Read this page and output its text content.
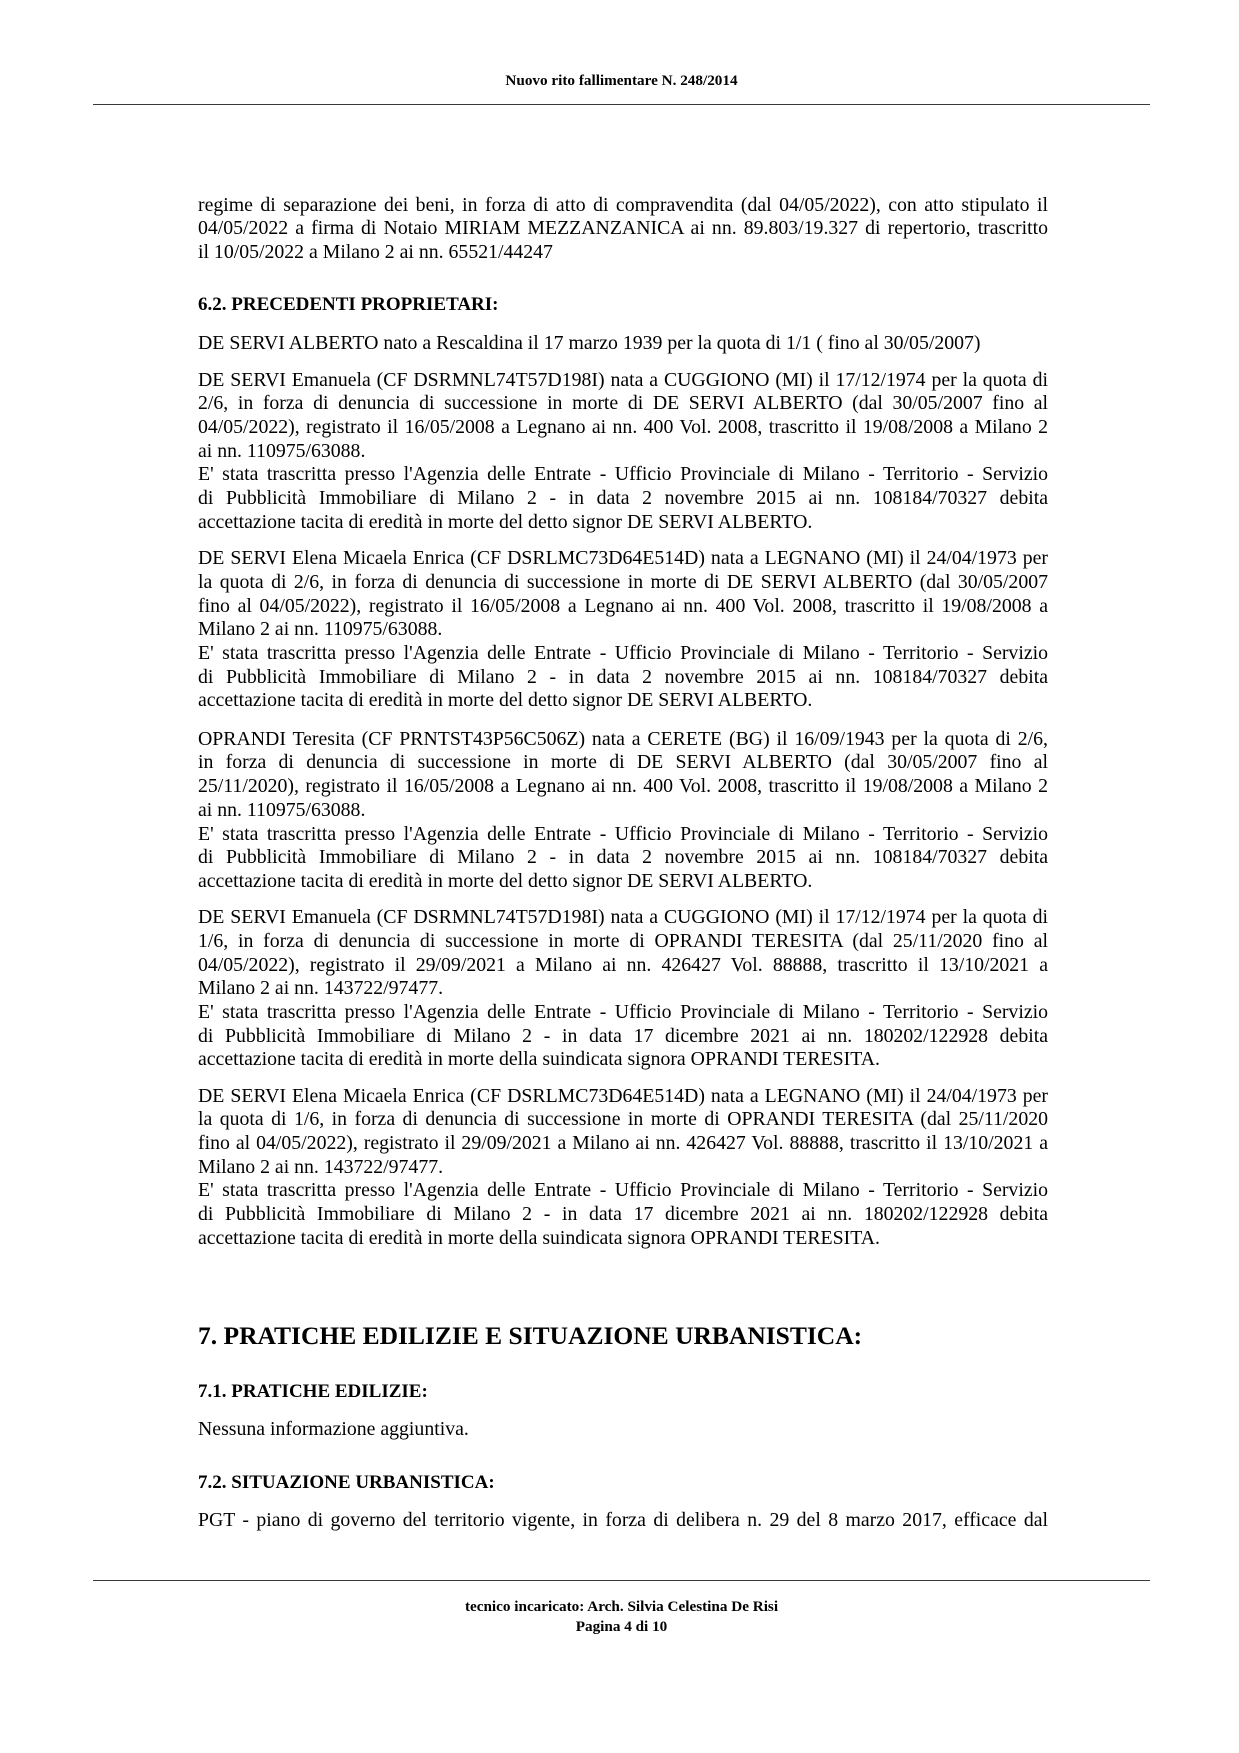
Nuovo rito fallimentare N. 248/2014
regime di separazione dei beni, in forza di atto di compravendita (dal 04/05/2022), con atto stipulato il
04/05/2022 a firma di Notaio MIRIAM MEZZANZANICA ai nn. 89.803/19.327 di repertorio, trascritto
il 10/05/2022 a Milano 2 ai nn. 65521/44247
6.2. PRECEDENTI PROPRIETARI:
DE SERVI ALBERTO nato a Rescaldina il 17 marzo 1939 per la quota di 1/1 ( fino al 30/05/2007)
DE SERVI Emanuela (CF DSRMNL74T57D198I) nata a CUGGIONO (MI) il 17/12/1974 per la quota di
2/6, in forza di denuncia di successione in morte di DE SERVI ALBERTO (dal 30/05/2007 fino al
04/05/2022), registrato il 16/05/2008 a Legnano ai nn. 400 Vol. 2008, trascritto il 19/08/2008 a Milano 2
ai nn. 110975/63088.
E' stata trascritta presso l'Agenzia delle Entrate - Ufficio Provinciale di Milano - Territorio - Servizio
di Pubblicità Immobiliare di Milano 2 - in data 2 novembre 2015 ai nn. 108184/70327 debita
accettazione tacita di eredità in morte del detto signor DE SERVI ALBERTO.
DE SERVI Elena Micaela Enrica (CF DSRLMC73D64E514D) nata a LEGNANO (MI) il 24/04/1973 per
la quota di 2/6, in forza di denuncia di successione in morte di DE SERVI ALBERTO (dal 30/05/2007
fino al 04/05/2022), registrato il 16/05/2008 a Legnano ai nn. 400 Vol. 2008, trascritto il 19/08/2008 a
Milano 2 ai nn. 110975/63088.
E' stata trascritta presso l'Agenzia delle Entrate - Ufficio Provinciale di Milano - Territorio - Servizio
di Pubblicità Immobiliare di Milano 2 - in data 2 novembre 2015 ai nn. 108184/70327 debita
accettazione tacita di eredità in morte del detto signor DE SERVI ALBERTO.
OPRANDI Teresita (CF PRNTST43P56C506Z) nata a CERETE (BG) il 16/09/1943 per la quota di 2/6,
in forza di denuncia di successione in morte di DE SERVI ALBERTO (dal 30/05/2007 fino al
25/11/2020), registrato il 16/05/2008 a Legnano ai nn. 400 Vol. 2008, trascritto il 19/08/2008 a Milano 2
ai nn. 110975/63088.
E' stata trascritta presso l'Agenzia delle Entrate - Ufficio Provinciale di Milano - Territorio - Servizio
di Pubblicità Immobiliare di Milano 2 - in data 2 novembre 2015 ai nn. 108184/70327 debita
accettazione tacita di eredità in morte del detto signor DE SERVI ALBERTO.
DE SERVI Emanuela (CF DSRMNL74T57D198I) nata a CUGGIONO (MI) il 17/12/1974 per la quota di
1/6, in forza di denuncia di successione in morte di OPRANDI TERESITA (dal 25/11/2020 fino al
04/05/2022), registrato il 29/09/2021 a Milano ai nn. 426427 Vol. 88888, trascritto il 13/10/2021 a
Milano 2 ai nn. 143722/97477.
E' stata trascritta presso l'Agenzia delle Entrate - Ufficio Provinciale di Milano - Territorio - Servizio
di Pubblicità Immobiliare di Milano 2 - in data 17 dicembre 2021 ai nn. 180202/122928 debita
accettazione tacita di eredità in morte della suindicata signora OPRANDI TERESITA.
DE SERVI Elena Micaela Enrica (CF DSRLMC73D64E514D) nata a LEGNANO (MI) il 24/04/1973 per
la quota di 1/6, in forza di denuncia di successione in morte di OPRANDI TERESITA (dal 25/11/2020
fino al 04/05/2022), registrato il 29/09/2021 a Milano ai nn. 426427 Vol. 88888, trascritto il 13/10/2021 a
Milano 2 ai nn. 143722/97477.
E' stata trascritta presso l'Agenzia delle Entrate - Ufficio Provinciale di Milano - Territorio - Servizio
di Pubblicità Immobiliare di Milano 2 - in data 17 dicembre 2021 ai nn. 180202/122928 debita
accettazione tacita di eredità in morte della suindicata signora OPRANDI TERESITA.
7. PRATICHE EDILIZIE E SITUAZIONE URBANISTICA:
7.1. PRATICHE EDILIZIE:
Nessuna informazione aggiuntiva.
7.2. SITUAZIONE URBANISTICA:
PGT - piano di governo del territorio vigente, in forza di delibera n. 29 del 8 marzo 2017, efficace dal
tecnico incaricato: Arch. Silvia Celestina De Risi
Pagina 4 di 10
